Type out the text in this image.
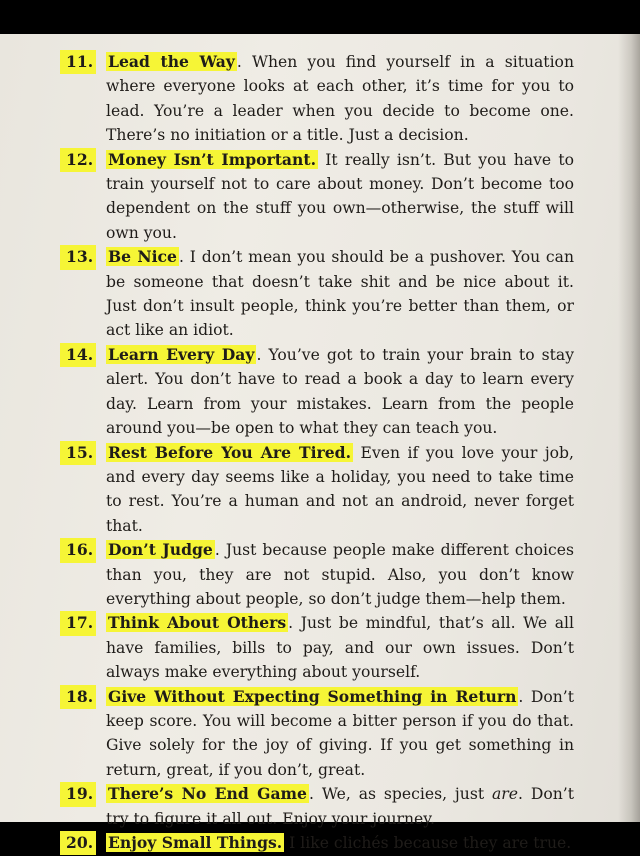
11. Lead the Way . When you find yourself in a situation where everyone looks at each other, it’s time for you to lead. You’re a leader when you decide to become one. There’s no initiation or a title. Just a decision.
12. Money Isn’t Important. It really isn’t. But you have to train yourself not to care about money. Don’t become too dependent on the stuff you own—otherwise, the stuff will own you.
13. Be Nice . I don’t mean you should be a pushover. You can be someone that doesn’t take shit and be nice about it. Just don’t insult people, think you’re better than them, or act like an idiot.
14. Learn Every Day . You’ve got to train your brain to stay alert. You don’t have to read a book a day to learn every day. Learn from your mistakes. Learn from the people around you—be open to what they can teach you.
15. Rest Before You Are Tired. Even if you love your job, and every day seems like a holiday, you need to take time to rest. You’re a human and not an android, never forget that.
16. Don’t Judge . Just because people make different choices than you, they are not stupid. Also, you don’t know everything about people, so don’t judge them—help them.
17. Think About Others . Just be mindful, that’s all. We all have families, bills to pay, and our own issues. Don’t always make everything about yourself.
18. Give Without Expecting Something in Return . Don’t keep score. You will become a bitter person if you do that. Give solely for the joy of giving. If you get something in return, great, if you don’t, great.
19. There’s No End Game . We, as species, just are. Don’t try to figure it all out. Enjoy your journey.
20. Enjoy Small Things. I like clichés because they are true.
